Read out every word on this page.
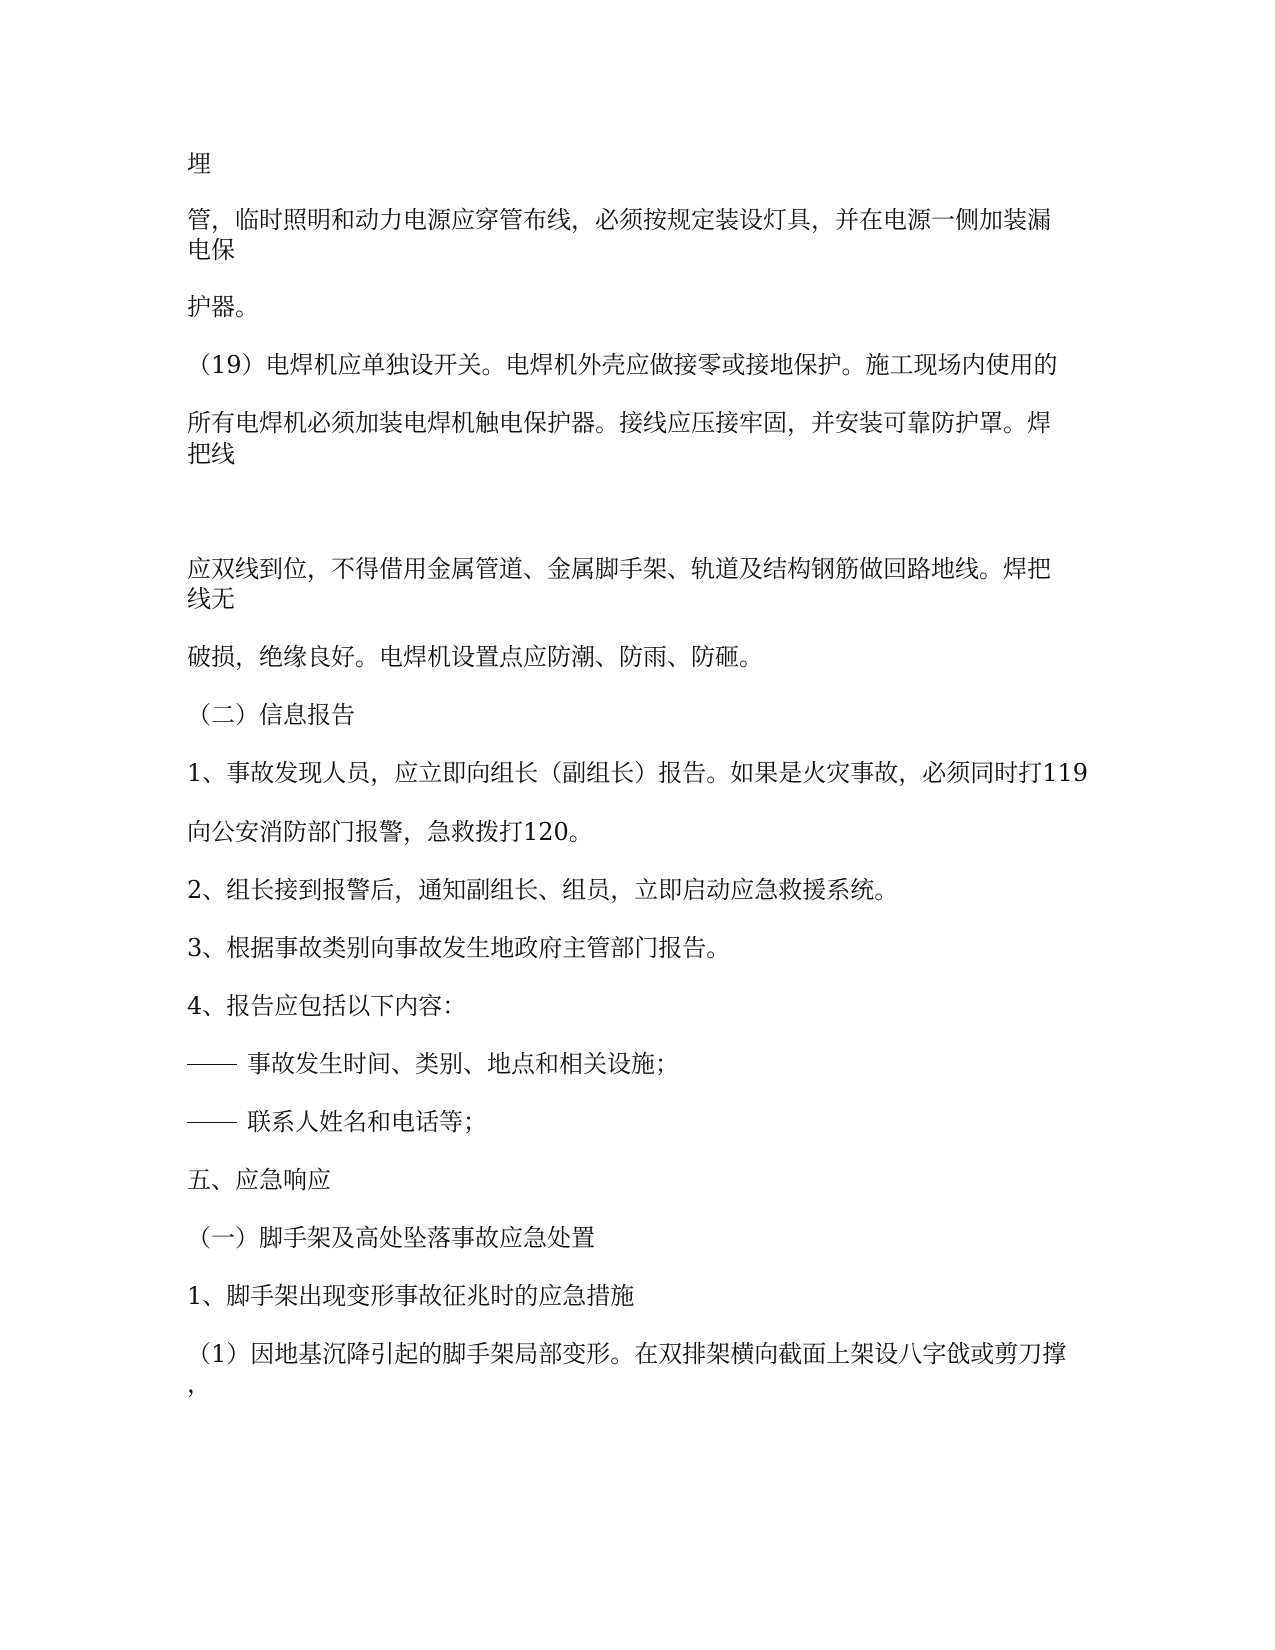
埋
管，临时照明和动力电源应穿管布线，必须按规定装设灯具，并在电源一侧加装漏
电保
护器。
（19）电焊机应单独设开关。电焊机外壳应做接零或接地保护。施工现场内使用的
所有电焊机必须加装电焊机触电保护器。接线应压接牢固，并安装可靠防护罩。焊
把线
应双线到位，不得借用金属管道、金属脚手架、轨道及结构钢筋做回路地线。焊把
线无
破损，绝缘良好。电焊机设置点应防潮、防雨、防砸。
（二）信息报告
1、事故发现人员，应立即向组长（副组长）报告。如果是火灾事故，必须同时打119
向公安消防部门报警，急救拨打120。
2、组长接到报警后，通知副组长、组员，立即启动应急救援系统。
3、根据事故类别向事故发生地政府主管部门报告。
4、报告应包括以下内容：
事故发生时间、类别、地点和相关设施；
联系人姓名和电话等；
五、应急响应
（一）脚手架及高处坠落事故应急处置
1、脚手架出现变形事故征兆时的应急措施
（1）因地基沉降引起的脚手架局部变形。在双排架横向截面上架设八字戗或剪刀撑
，
